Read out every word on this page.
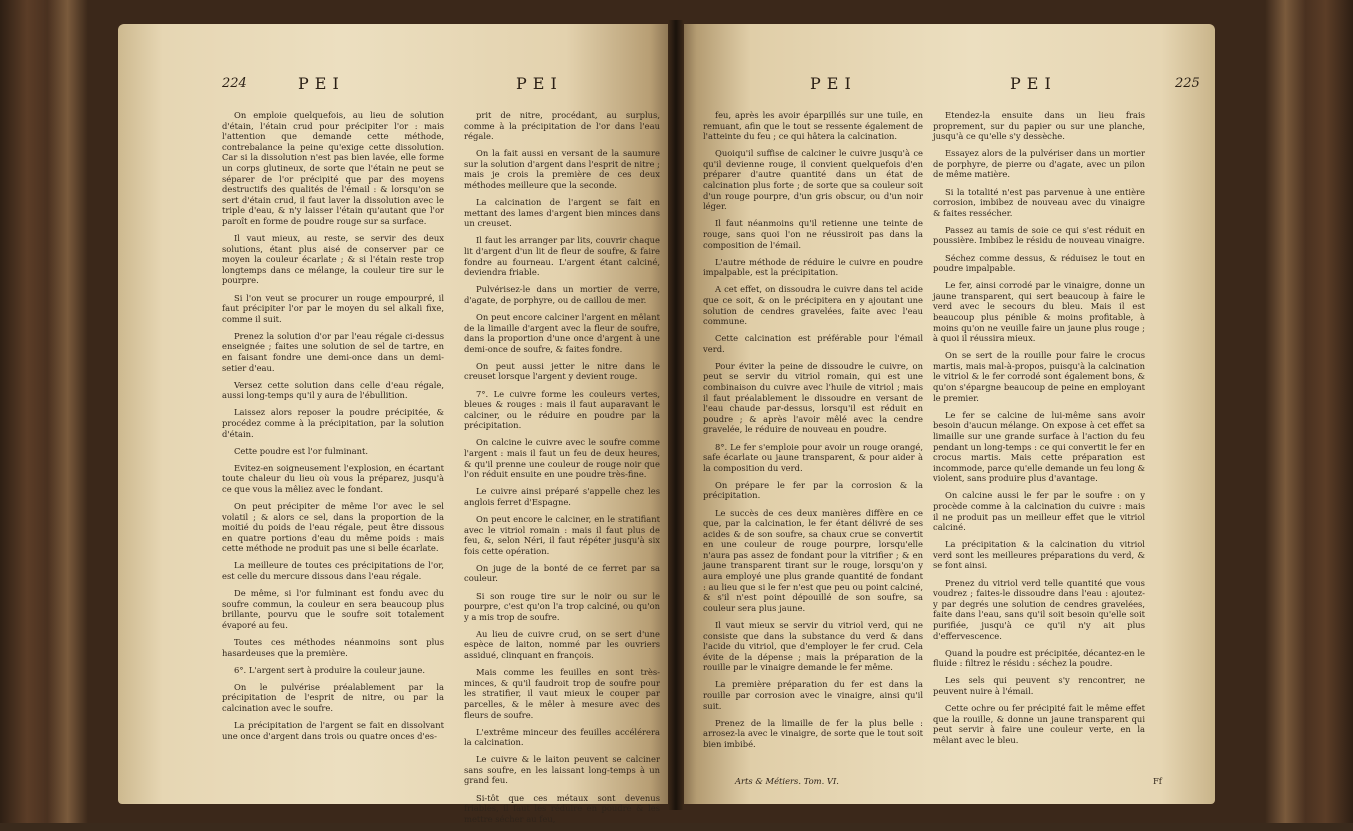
224	PEI	PEI

On emploie quelquefois, au lieu de solution d'étain, l'étain crud pour précipiter l'or : mais l'attention que demande cette méthode, contrebalance la peine qu'exige cette dissolution. Car si la dissolution n'est pas bien lavée, elle forme un corps glutineux, de sorte que l'étain ne peut se séparer de l'or précipité que par des moyens destructifs des qualités de l'émail : & lorsqu'on se sert d'étain crud, il faut laver la dissolution avec le triple d'eau, & n'y laisser l'étain qu'autant que l'or paroît en forme de poudre rouge sur sa surface.

Il vaut mieux, au reste, se servir des deux solutions, étant plus aisé de conserver par ce moyen la couleur écarlate ; & si l'étain reste trop longtemps dans ce mélange, la couleur tire sur le pourpre.

Si l'on veut se procurer un rouge empourpré, il faut précipiter l'or par le moyen du sel alkali fixe, comme il suit.

Prenez la solution d'or par l'eau régale ci-dessus enseignée ; faites une solution de sel de tartre, en en faisant fondre une demi-once dans un demi-setier d'eau.

Versez cette solution dans celle d'eau régale, aussi long-temps qu'il y aura de l'ébullition.

Laissez alors reposer la poudre précipitée, & procédez comme à la précipitation, par la solution d'étain.

Cette poudre est l'or fulminant.

Evitez-en soigneusement l'explosion, en écartant toute chaleur du lieu où vous la préparez, jusqu'à ce que vous la mêliez avec le fondant.

On peut précipiter de même l'or avec le sel volatil ; & alors ce sel, dans la proportion de la moitié du poids de l'eau régale, peut être dissous en quatre portions d'eau du même poids : mais cette méthode ne produit pas une si belle écarlate.

La meilleure de toutes ces précipitations de l'or, est celle du mercure dissous dans l'eau régale.

De même, si l'or fulminant est fondu avec du soufre commun, la couleur en sera beaucoup plus brillante, pourvu que le soufre soit totalement évaporé au feu.

Toutes ces méthodes néanmoins sont plus hasardeuses que la première.

6°. L'argent sert à produire la couleur jaune.

On le pulvérise préalablement par la précipitation de l'esprit de nitre, ou par la calcination avec le soufre.

La précipitation de l'argent se fait en dissolvant une once d'argent dans trois ou quatre onces d'es-

prit de nitre, procédant, au surplus, comme à la précipitation de l'or dans l'eau régale.

On la fait aussi en versant de la saumure sur la solution d'argent dans l'esprit de nitre ; mais je crois la première de ces deux méthodes meilleure que la seconde.

La calcination de l'argent se fait en mettant des lames d'argent bien minces dans un creuset.

Il faut les arranger par lits, couvrir chaque lit d'argent d'un lit de fleur de soufre, & faire fondre au fourneau. L'argent étant calciné, deviendra friable.

Pulvérisez-le dans un mortier de verre, d'agate, de porphyre, ou de caillou de mer.

On peut encore calciner l'argent en mêlant de la limaille d'argent avec la fleur de soufre, dans la proportion d'une once d'argent à une demi-once de soufre, & faites fondre.

On peut aussi jetter le nitre dans le creuset lorsque l'argent y devient rouge.

7°. Le cuivre forme les couleurs vertes, bleues & rouges : mais il faut auparavant le calciner, ou le réduire en poudre par la précipitation.

On calcine le cuivre avec le soufre comme l'argent : mais il faut un feu de deux heures, & qu'il prenne une couleur de rouge noir que l'on réduit ensuite en une poudre très-fine.

Le cuivre ainsi préparé s'appelle chez les anglois ferret d'Espagne.

On peut encore le calciner, en le stratifiant avec le vitriol romain : mais il faut plus de feu, &, selon Néri, il faut répéter jusqu'à six fois cette opération.

On juge de la bonté de ce ferret par sa couleur.

Si son rouge tire sur le noir ou sur le pourpre, c'est qu'on l'a trop calciné, ou qu'on y a mis trop de soufre.

Au lieu de cuivre crud, on se sert d'une espèce de laiton, nommé par les ouvriers assidué, clinquant en françois.

Mais comme les feuilles en sont très-minces, & qu'il faudroit trop de soufre pour les stratifier, il vaut mieux le couper par parcelles, & le mêler à mesure avec des fleurs de soufre.

L'extrême minceur des feuilles accélérera la calcination.

Le cuivre & le laiton peuvent se calciner sans soufre, en les laissant long-temps à un grand feu.

Si-tôt que ces métaux sont devenus friables, il faut les réduire en poudre & les mettre sécher au feu,

PEI	PEI	225

feu, après les avoir éparpillés sur une tuile, en remuant, afin que le tout se ressente également de l'atteinte du feu ; ce qui hâtera la calcination.

Quoiqu'il suffise de calciner le cuivre jusqu'à ce qu'il devienne rouge, il convient quelquefois d'en préparer d'autre quantité dans un état de calcination plus forte ; de sorte que sa couleur soit d'un rouge pourpre, d'un gris obscur, ou d'un noir léger.

Il faut néanmoins qu'il retienne une teinte de rouge, sans quoi l'on ne réussiroit pas dans la composition de l'émail.

L'autre méthode de réduire le cuivre en poudre impalpable, est la précipitation.

A cet effet, on dissoudra le cuivre dans tel acide que ce soit, & on le précipitera en y ajoutant une solution de cendres gravelées, faite avec l'eau commune.

Cette calcination est préférable pour l'émail verd.

Pour éviter la peine de dissoudre le cuivre, on peut se servir du vitriol romain, qui est une combinaison du cuivre avec l'huile de vitriol ; mais il faut préalablement le dissoudre en versant de l'eau chaude par-dessus, lorsqu'il est réduit en poudre ; & après l'avoir mêlé avec la cendre gravelée, le réduire de nouveau en poudre.

8°. Le fer s'emploie pour avoir un rouge orangé, safe écarlate ou jaune transparent, & pour aider à la composition du verd.

On prépare le fer par la corrosion & la précipitation.

Le succès de ces deux manières diffère en ce que, par la calcination, le fer étant délivré de ses acides & de son soufre, sa chaux crue se convertit en une couleur de rouge pourpre, lorsqu'elle n'aura pas assez de fondant pour la vitrifier ; & en jaune transparent tirant sur le rouge, lorsqu'on y aura employé une plus grande quantité de fondant : au lieu que si le fer n'est que peu ou point calciné, & s'il n'est point dépouillé de son soufre, sa couleur sera plus jaune.

Il vaut mieux se servir du vitriol verd, qui ne consiste que dans la substance du verd & dans l'acide du vitriol, que d'employer le fer crud. Cela évite de la dépense ; mais la préparation de la rouille par le vinaigre demande le fer même.

La première préparation du fer est dans la rouille par corrosion avec le vinaigre, ainsi qu'il suit.

Prenez de la limaille de fer la plus belle : arrosez-la avec le vinaigre, de sorte que le tout soit bien imbibé.

Etendez-la ensuite dans un lieu frais proprement, sur du papier ou sur une planche, jusqu'à ce qu'elle s'y dessèche.

Essayez alors de la pulvériser dans un mortier de porphyre, de pierre ou d'agate, avec un pilon de même matière.

Si la totalité n'est pas parvenue à une entière corrosion, imbibez de nouveau avec du vinaigre & faites ressécher.

Passez au tamis de soie ce qui s'est réduit en poussière. Imbibez le résidu de nouveau vinaigre.

Séchez comme dessus, & réduisez le tout en poudre impalpable.

Le fer, ainsi corrodé par le vinaigre, donne un jaune transparent, qui sert beaucoup à faire le verd avec le secours du bleu. Mais il est beaucoup plus pénible & moins profitable, à moins qu'on ne veuille faire un jaune plus rouge ; à quoi il réussira mieux.

On se sert de la rouille pour faire le crocus martis, mais mal-à-propos, puisqu'à la calcination le vitriol & le fer corrodé sont également bons, & qu'on s'épargne beaucoup de peine en employant le premier.

Le fer se calcine de lui-même sans avoir besoin d'aucun mélange. On expose à cet effet sa limaille sur une grande surface à l'action du feu pendant un long-temps : ce qui convertit le fer en crocus martis. Mais cette préparation est incommode, parce qu'elle demande un feu long & violent, sans produire plus d'avantage.

On calcine aussi le fer par le soufre : on y procède comme à la calcination du cuivre : mais il ne produit pas un meilleur effet que le vitriol calciné.

La précipitation & la calcination du vitriol verd sont les meilleures préparations du verd, & se font ainsi.

Prenez du vitriol verd telle quantité que vous voudrez ; faites-le dissoudre dans l'eau : ajoutez-y par degrés une solution de cendres gravelées, faite dans l'eau, sans qu'il soit besoin qu'elle soit purifiée, jusqu'à ce qu'il n'y ait plus d'effervescence.

Quand la poudre est précipitée, décantez-en le fluide : filtrez le résidu : séchez la poudre.

Les sels qui peuvent s'y rencontrer, ne peuvent nuire à l'émail.

Cette ochre ou fer précipité fait le même effet que la rouille, & donne un jaune transparent qui peut servir à faire une couleur verte, en la mêlant avec le bleu.

Arts & Métiers. Tom. VI.	Ff
